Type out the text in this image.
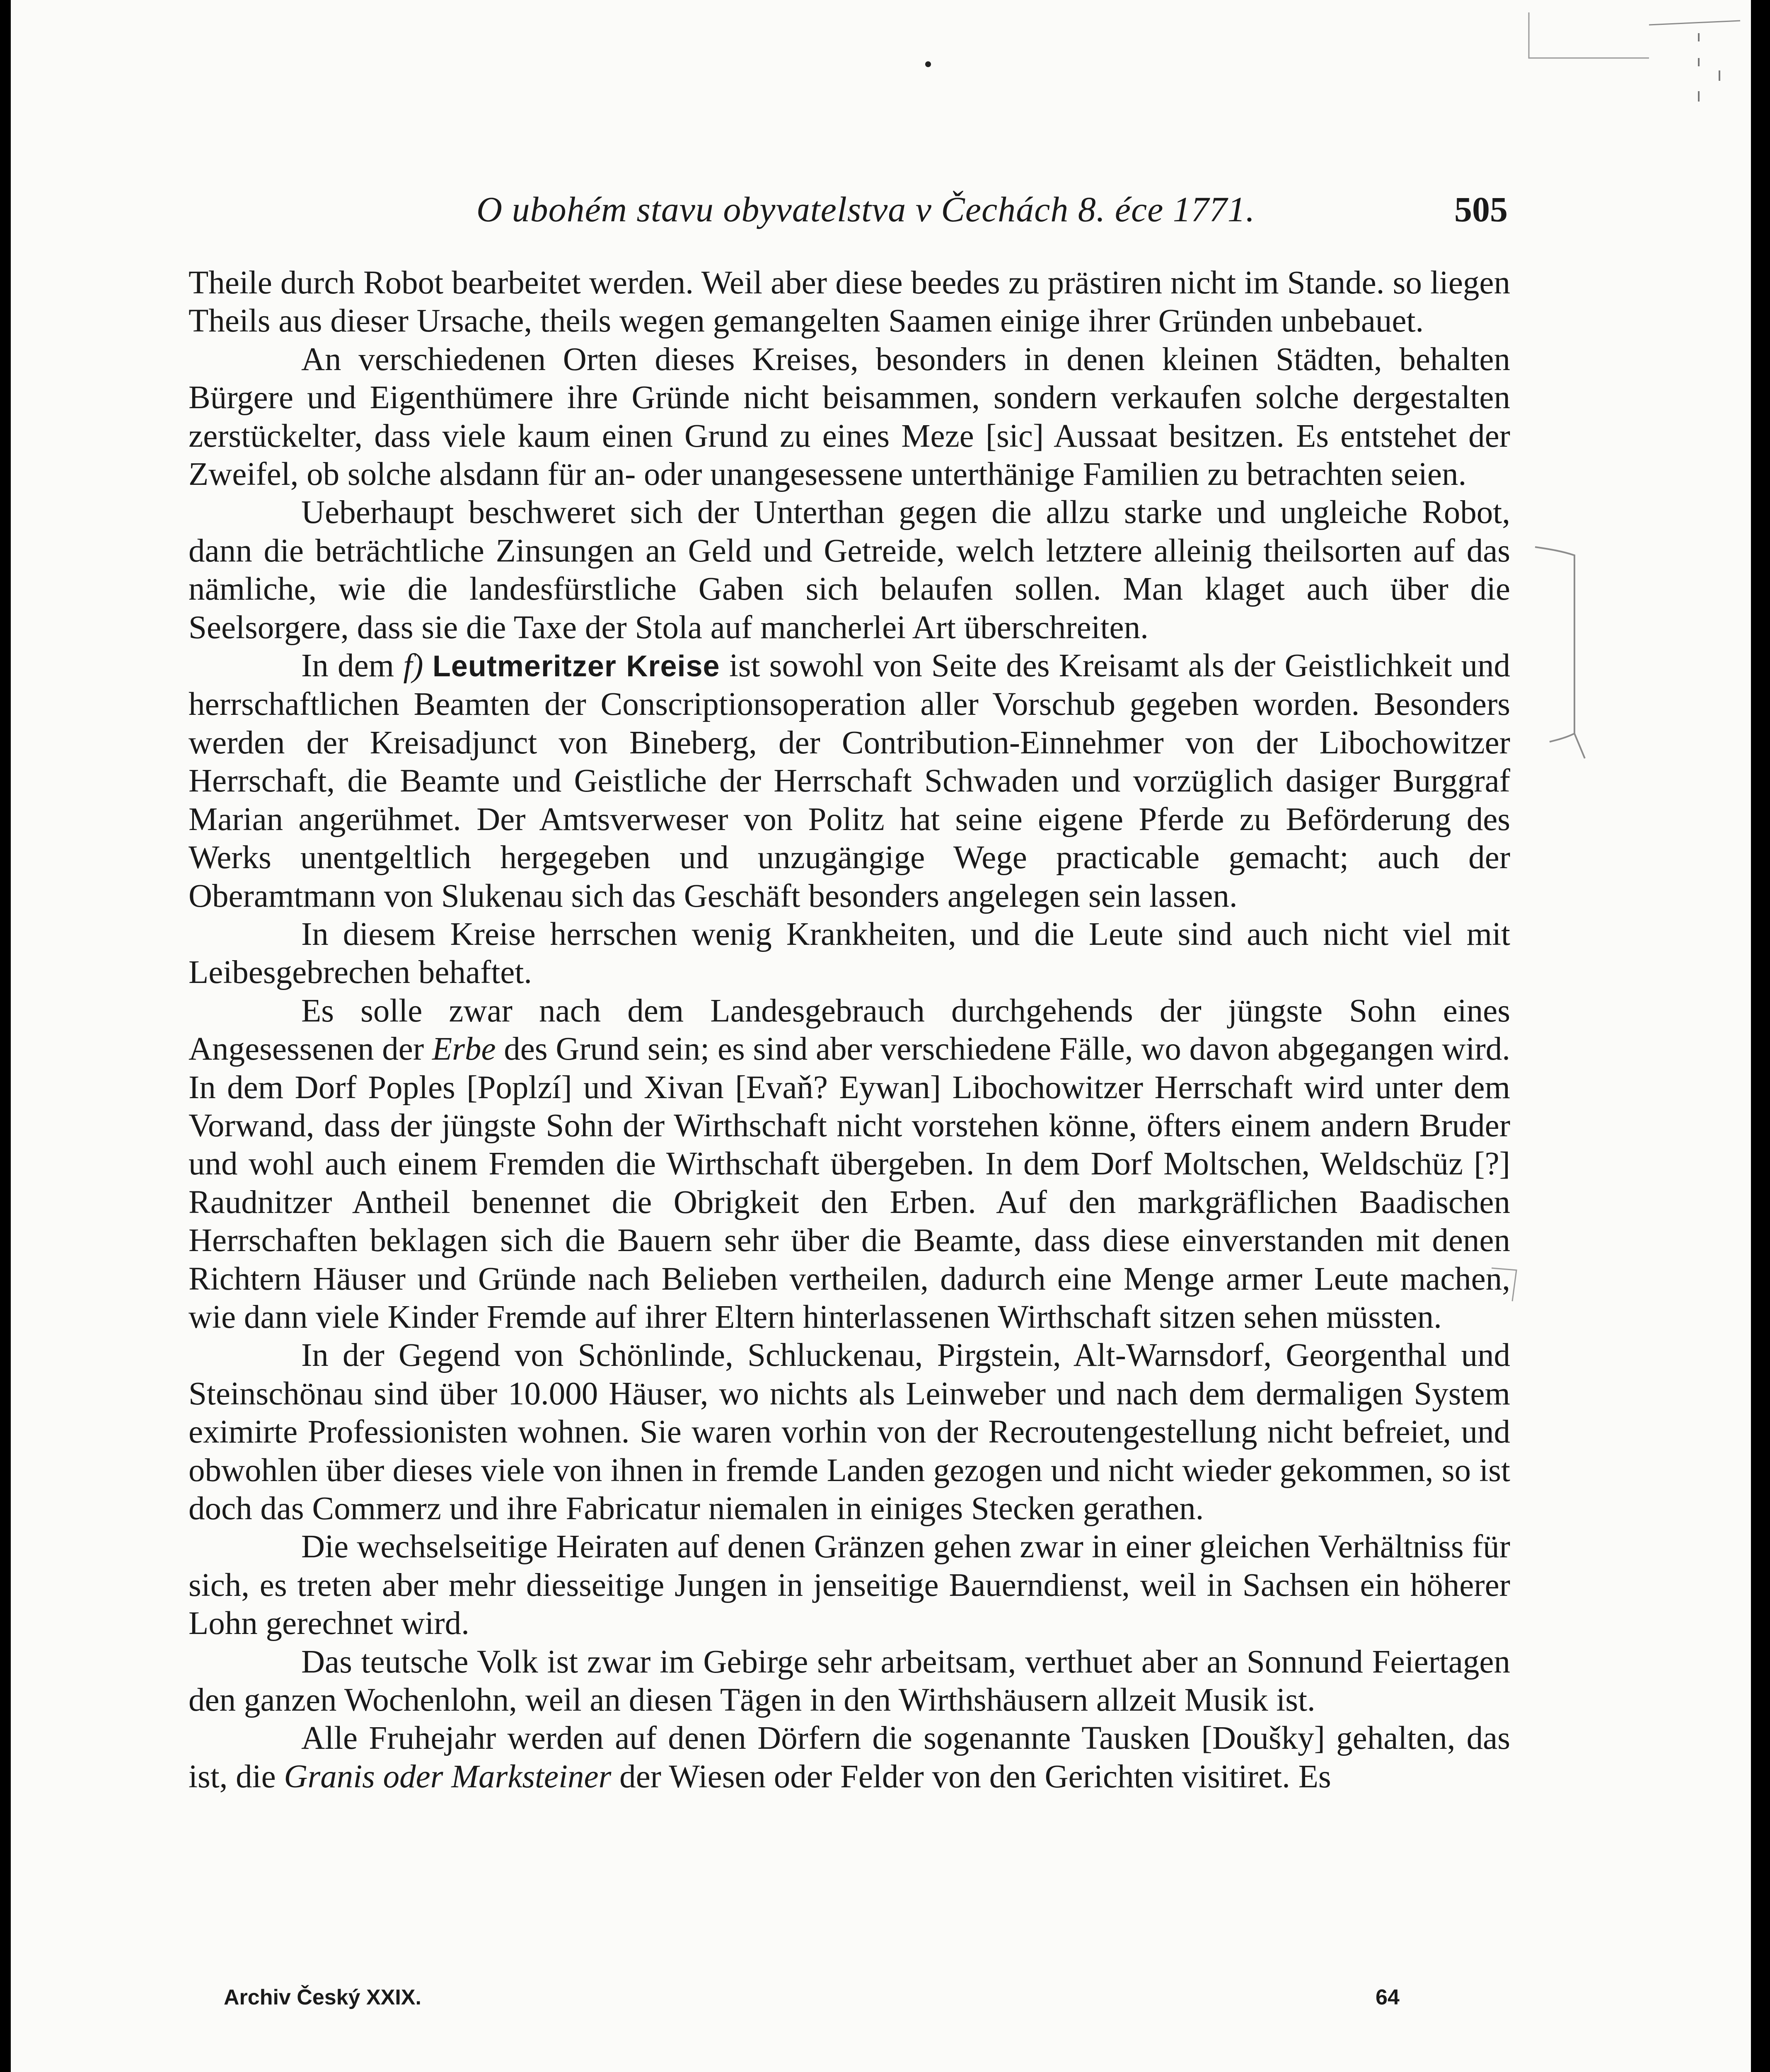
O ubohém stavu obyvatelstva v Čechách 8. éce 1771.	505

Theile durch Robot bearbeitet werden. Weil aber diese beedes zu prästiren nicht im Stande. so liegen Theils aus dieser Ursache, theils wegen gemangelten Saamen einige ihrer Gründen unbebauet.

An verschiedenen Orten dieses Kreises, besonders in denen kleinen Städten, behalten Bürgere und Eigenthümere ihre Gründe nicht beisammen, sondern verkaufen solche dergestalten zerstückelter, dass viele kaum einen Grund zu eines Meze [sic] Aussaat besitzen. Es entstehet der Zweifel, ob solche alsdann für an- oder unangesessene unterthänige Familien zu betrachten seien.

Ueberhaupt beschweret sich der Unterthan gegen die allzu starke und ungleiche Robot, dann die beträchtliche Zinsungen an Geld und Getreide, welch letztere alleinig theilsorten auf das nämliche, wie die landesfürstliche Gaben sich belaufen sollen. Man klaget auch über die Seelsorgere, dass sie die Taxe der Stola auf mancherlei Art überschreiten.

In dem f) Leutmeritzer Kreise ist sowohl von Seite des Kreisamt als der Geistlichkeit und herrschaftlichen Beamten der Conscriptionsoperation aller Vorschub gegeben worden. Besonders werden der Kreisadjunct von Bineberg, der Contribution-Einnehmer von der Libochowitzer Herrschaft, die Beamte und Geistliche der Herrschaft Schwaden und vorzüglich dasiger Burggraf Marian angerühmet. Der Amtsverweser von Politz hat seine eigene Pferde zu Beförderung des Werks unentgeltlich hergegeben und unzugängige Wege practicable gemacht; auch der Oberamtmann von Slukenau sich das Geschäft besonders angelegen sein lassen.

In diesem Kreise herrschen wenig Krankheiten, und die Leute sind auch nicht viel mit Leibesgebrechen behaftet.

Es solle zwar nach dem Landesgebrauch durchgehends der jüngste Sohn eines Angesessenen der Erbe des Grund sein; es sind aber verschiedene Fälle, wo davon abgegangen wird. In dem Dorf Poples [Poplzí] und Xivan [Evaň? Eywan] Libochowitzer Herrschaft wird unter dem Vorwand, dass der jüngste Sohn der Wirthschaft nicht vorstehen könne, öfters einem andern Bruder und wohl auch einem Fremden die Wirthschaft übergeben. In dem Dorf Moltschen, Weldschüz [?] Raudnitzer Antheil benennet die Obrigkeit den Erben. Auf den markgräflichen Baadischen Herrschaften beklagen sich die Bauern sehr über die Beamte, dass diese einverstanden mit denen Richtern Häuser und Gründe nach Belieben vertheilen, dadurch eine Menge armer Leute machen, wie dann viele Kinder Fremde auf ihrer Eltern hinterlassenen Wirthschaft sitzen sehen müssten.

In der Gegend von Schönlinde, Schluckenau, Pirgstein, Alt-Warnsdorf, Georgenthal und Steinschönau sind über 10.000 Häuser, wo nichts als Leinweber und nach dem dermaligen System eximirte Professionisten wohnen. Sie waren vorhin von der Recroutengestellung nicht befreiet, und obwohlen über dieses viele von ihnen in fremde Landen gezogen und nicht wieder gekommen, so ist doch das Commerz und ihre Fabricatur niemalen in einiges Stecken gerathen.

Die wechselseitige Heiraten auf denen Gränzen gehen zwar in einer gleichen Verhältniss für sich, es treten aber mehr diesseitige Jungen in jenseitige Bauerndienst, weil in Sachsen ein höherer Lohn gerechnet wird.

Das teutsche Volk ist zwar im Gebirge sehr arbeitsam, verthuet aber an Sonnund Feiertagen den ganzen Wochenlohn, weil an diesen Tägen in den Wirthshäusern allzeit Musik ist.

Alle Fruhejahr werden auf denen Dörfern die sogenannte Tausken [Doušky] gehalten, das ist, die Granis oder Marksteiner der Wiesen oder Felder von den Gerichten visitiret. Es

Archiv Český XXIX.	64
